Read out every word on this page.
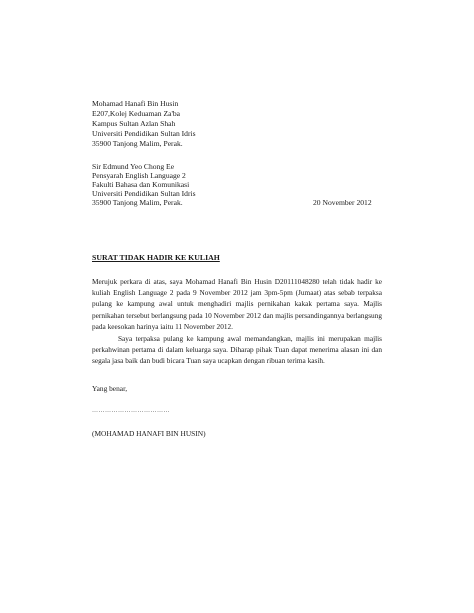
Mohamad Hanafi Bin Husin
E207,Kolej Keduaman Za'ba
Kampus Sultan Azlan Shah
Universiti Pendidikan Sultan Idris
35900 Tanjong Malim, Perak.
Sir Edmund Yeo Chong Ee
Pensyarah English Language 2
Fakulti Bahasa dan Komunikasi
Universiti Pendidikan Sultan Idris
35900 Tanjong Malim, Perak.	20 November 2012
SURAT TIDAK HADIR KE KULIAH

Merujuk perkara di atas, saya Mohamad Hanafi Bin Husin D20111048280 telah tidak hadir ke kuliah English Language 2 pada 9 November 2012 jam 3pm-5pm (Jumaat) atas sebab terpaksa pulang ke kampung awal untuk menghadiri majlis pernikahan kakak pertama saya. Majlis pernikahan tersebut berlangsung pada 10 November 2012 dan majlis persandingannya berlangsung pada keesokan harinya iaitu 11 November 2012.

Saya terpaksa pulang ke kampung awal memandangkan, majlis ini merupakan majlis perkahwinan pertama di dalam keluarga saya. Diharap pihak Tuan dapat menerima alasan ini dan segala jasa baik dan budi bicara Tuan saya ucapkan dengan ribuan terima kasih.

Yang benar,
………………………………
(MOHAMAD HANAFI BIN HUSIN)
